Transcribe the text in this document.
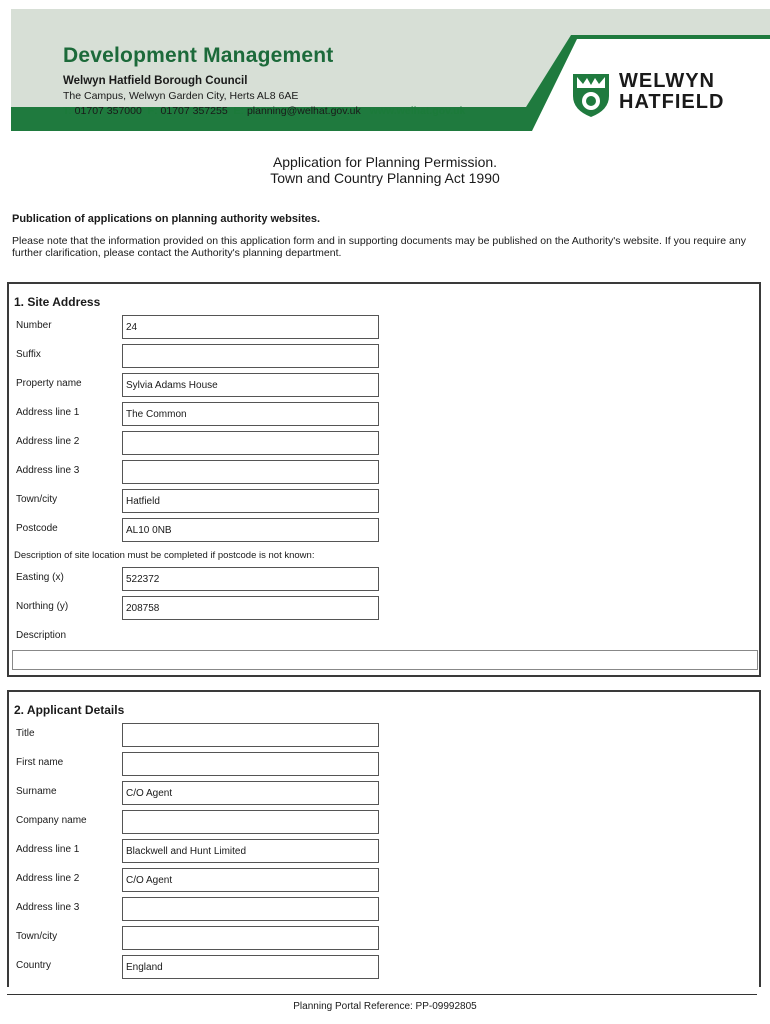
Development Management
Welwyn Hatfield Borough Council
The Campus, Welwyn Garden City, Herts AL8 6AE
T: 01707 357000 F: 01707 357255 E: planning@welhat.gov.uk www.welhat.gov.uk
WELWYN
HATFIELD
Application for Planning Permission.
Town and Country Planning Act 1990
Publication of applications on planning authority websites.
Please note that the information provided on this application form and in supporting documents may be published on the Authority's website. If you require any further clarification, please contact the Authority's planning department.
1. Site Address
Number	24
Suffix
Property name	Sylvia Adams House
Address line 1	The Common
Address line 2
Address line 3
Town/city	Hatfield
Postcode	AL10 0NB
Description of site location must be completed if postcode is not known:
Easting (x)	522372
Northing (y)	208758
Description
2. Applicant Details
Title
First name
Surname	C/O Agent
Company name
Address line 1	Blackwell and Hunt Limited
Address line 2	C/O Agent
Address line 3
Town/city
Country	England
Planning Portal Reference: PP-09992805
